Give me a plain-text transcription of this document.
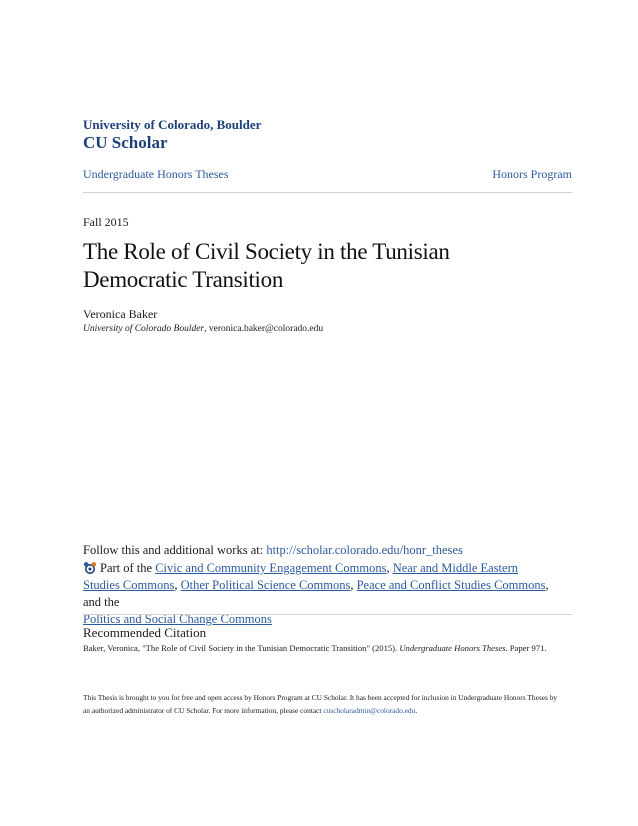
University of Colorado, Boulder
CU Scholar
Undergraduate Honors Theses	Honors Program
Fall 2015
The Role of Civil Society in the Tunisian
Democratic Transition
Veronica Baker
University of Colorado Boulder, veronica.baker@colorado.edu
Follow this and additional works at: http://scholar.colorado.edu/honr_theses
Part of the Civic and Community Engagement Commons, Near and Middle Eastern Studies Commons, Other Political Science Commons, Peace and Conflict Studies Commons, and the
Politics and Social Change Commons
Recommended Citation
Baker, Veronica, "The Role of Civil Society in the Tunisian Democratic Transition" (2015). Undergraduate Honors Theses. Paper 971.
This Thesis is brought to you for free and open access by Honors Program at CU Scholar. It has been accepted for inclusion in Undergraduate Honors Theses by an authorized administrator of CU Scholar. For more information, please contact cuscholaradmin@colorado.edu.
